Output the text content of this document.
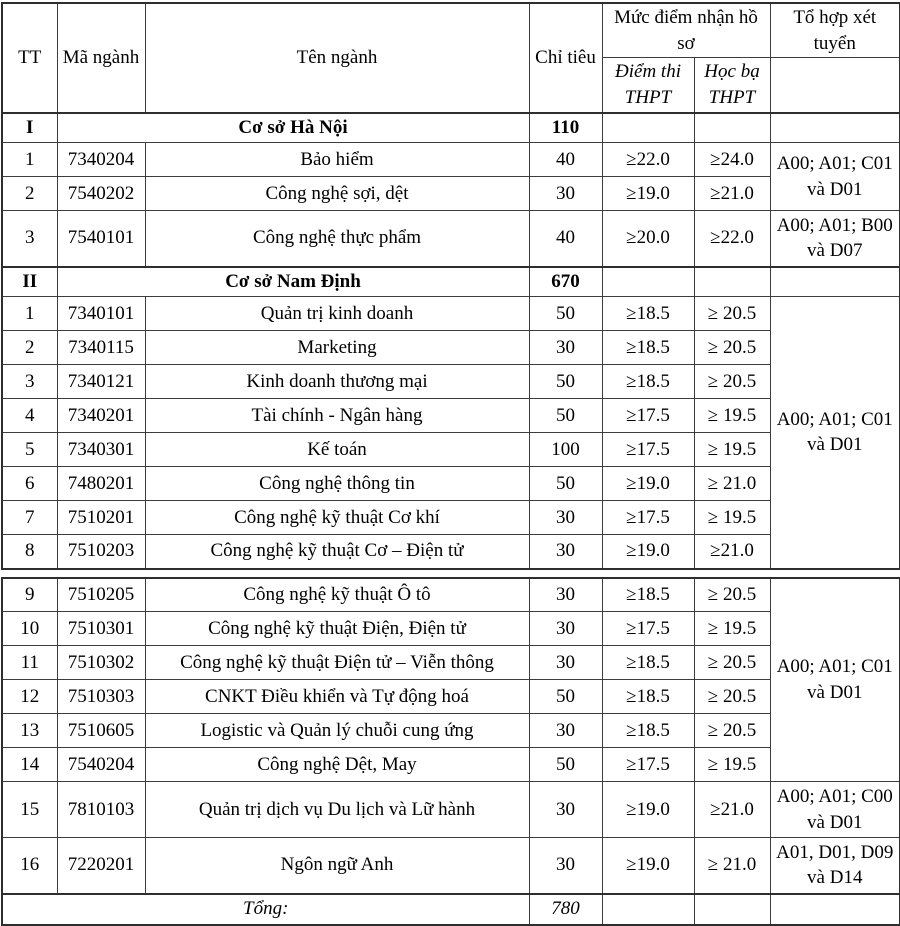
TT	Mã ngành	Tên ngành	Chỉ tiêu	Mức điểm nhận hồ sơ		Tổ hợp xét tuyển
				Điểm thi THPT	Học bạ THPT	
I	Cơ sở Hà Nội		110			
1	7340204	Bảo hiểm	40	≥22.0	≥24.0	A00; A01; C01 và D01
2	7540202	Công nghệ sợi, dệt	30	≥19.0	≥21.0	
3	7540101	Công nghệ thực phẩm	40	≥20.0	≥22.0	A00; A01; B00 và D07
II	Cơ sở Nam Định		670			
1	7340101	Quản trị kinh doanh	50	≥18.5	≥ 20.5	A00; A01; C01 và D01
2	7340115	Marketing	30	≥18.5	≥ 20.5	
3	7340121	Kinh doanh thương mại	50	≥18.5	≥ 20.5	
4	7340201	Tài chính - Ngân hàng	50	≥17.5	≥ 19.5	
5	7340301	Kế toán	100	≥17.5	≥ 19.5	
6	7480201	Công nghệ thông tin	50	≥19.0	≥ 21.0	
7	7510201	Công nghệ kỹ thuật Cơ khí	30	≥17.5	≥ 19.5	
8	7510203	Công nghệ kỹ thuật Cơ – Điện tử	30	≥19.0	≥21.0	
9	7510205	Công nghệ kỹ thuật Ô tô	30	≥18.5	≥ 20.5	A00; A01; C01 và D01
10	7510301	Công nghệ kỹ thuật Điện, Điện tử	30	≥17.5	≥ 19.5	
11	7510302	Công nghệ kỹ thuật Điện tử – Viễn thông	30	≥18.5	≥ 20.5	
12	7510303	CNKT Điều khiển và Tự động hoá	50	≥18.5	≥ 20.5	
13	7510605	Logistic và Quản lý chuỗi cung ứng	30	≥18.5	≥ 20.5	
14	7540204	Công nghệ Dệt, May	50	≥17.5	≥ 19.5	
15	7810103	Quản trị dịch vụ Du lịch và Lữ hành	30	≥19.0	≥21.0	A00; A01; C00 và D01
16	7220201	Ngôn ngữ Anh	30	≥19.0	≥ 21.0	A01, D01, D09 và D14
Tổng:			780			
